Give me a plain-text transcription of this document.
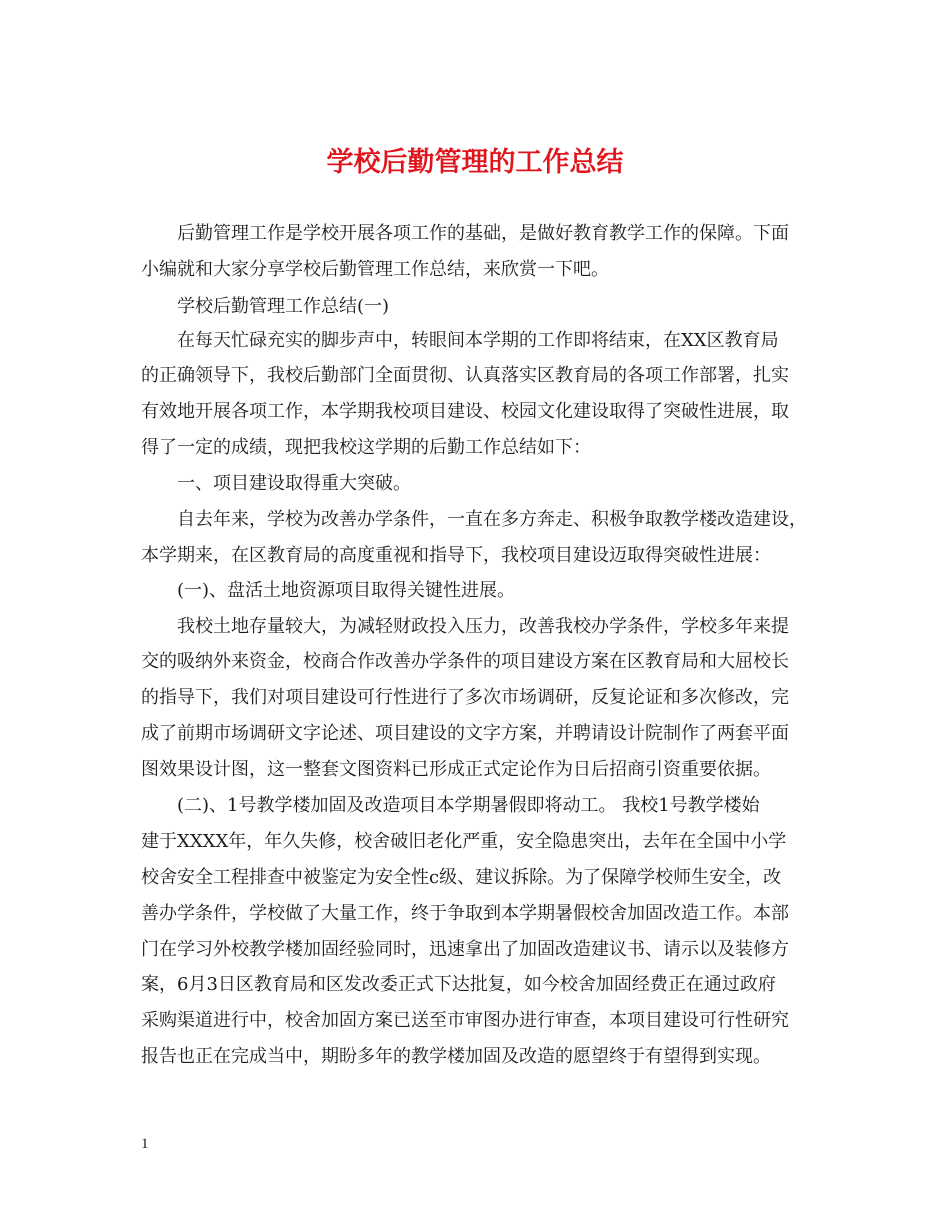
学校后勤管理的工作总结

后勤管理工作是学校开展各项工作的基础，是做好教育教学工作的保障。下面

小编就和大家分享学校后勤管理工作总结，来欣赏一下吧。

学校后勤管理工作总结(一)

在每天忙碌充实的脚步声中，转眼间本学期的工作即将结束，在XX区教育局

的正确领导下，我校后勤部门全面贯彻、认真落实区教育局的各项工作部署，扎实

有效地开展各项工作，本学期我校项目建设、校园文化建设取得了突破性进展，取

得了一定的成绩，现把我校这学期的后勤工作总结如下：

一、项目建设取得重大突破。

自去年来，学校为改善办学条件，一直在多方奔走、积极争取教学楼改造建设，

本学期来，在区教育局的高度重视和指导下，我校项目建设迈取得突破性进展：

(一)、盘活土地资源项目取得关键性进展。

我校土地存量较大，为减轻财政投入压力，改善我校办学条件，学校多年来提

交的吸纳外来资金，校商合作改善办学条件的项目建设方案在区教育局和大屈校长

的指导下，我们对项目建设可行性进行了多次市场调研，反复论证和多次修改，完

成了前期市场调研文字论述、项目建设的文字方案，并聘请设计院制作了两套平面

图效果设计图，这一整套文图资料已形成正式定论作为日后招商引资重要依据。

(二)、1号教学楼加固及改造项目本学期暑假即将动工。 我校1号教学楼始

建于XXXX年，年久失修，校舍破旧老化严重，安全隐患突出，去年在全国中小学

校舍安全工程排查中被鉴定为安全性c级、建议拆除。为了保障学校师生安全，改

善办学条件，学校做了大量工作，终于争取到本学期暑假校舍加固改造工作。本部

门在学习外校教学楼加固经验同时，迅速拿出了加固改造建议书、请示以及装修方

案，6月3日区教育局和区发改委正式下达批复，如今校舍加固经费正在通过政府

采购渠道进行中，校舍加固方案已送至市审图办进行审查，本项目建设可行性研究

报告也正在完成当中，期盼多年的教学楼加固及改造的愿望终于有望得到实现。

1
